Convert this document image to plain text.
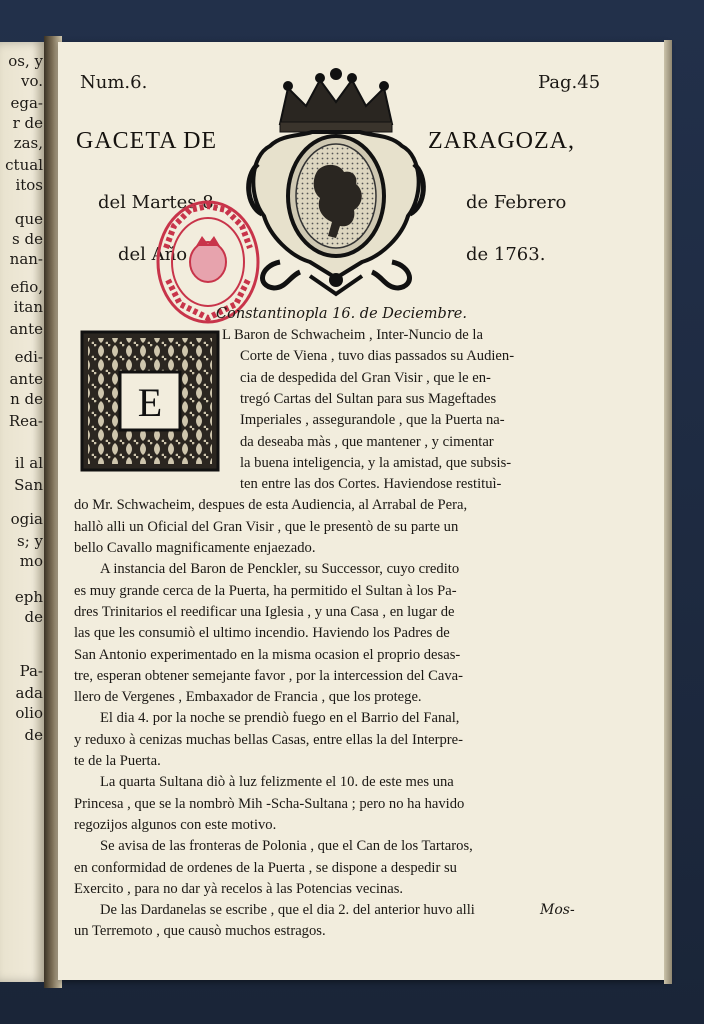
os, y
vo.
ega-
r de
zas,
ctual
itos
que
s de
nan-
efio,
itan
ante
edi-
ante
n de
Rea-
il al
San
ogia
s; y
mo
eph
de
Pa-
ada
olio
de
Num.6.	Pag.45
GACETA DE	ZARAGOZA,
del Martes 8.	de Febrero
del Año	de 1763.
Constantinopla 16. de Deciembre.
E
L Baron de Schwacheim , Inter-Nuncio de la
Corte de Viena , tuvo dias passados su Audien-
cia de despedida del Gran Visir , que le en-
tregó Cartas del Sultan para sus Mageftades
Imperiales , assegurandole , que la Puerta na-
da deseaba màs , que mantener , y cimentar
la buena inteligencia, y la amistad, que subsis-
ten entre las dos Cortes. Haviendose restituì-
do Mr. Schwacheim, despues de esta Audiencia, al Arrabal de Pera,
hallò alli un Oficial del Gran Visir , que le presentò de su parte un
bello Cavallo magnificamente enjaezado.
A instancia del Baron de Penckler, su Successor, cuyo credito
es muy grande cerca de la Puerta, ha permitido el Sultan à los Pa-
dres Trinitarios el reedificar una Iglesia , y una Casa , en lugar de
las que les consumiò el ultimo incendio. Haviendo los Padres de
San Antonio experimentado en la misma ocasion el proprio desas-
tre, esperan obtener semejante favor , por la intercession del Cava-
llero de Vergenes , Embaxador de Francia , que los protege.
El dia 4. por la noche se prendiò fuego en el Barrio del Fanal,
y reduxo à cenizas muchas bellas Casas, entre ellas la del Interpre-
te de la Puerta.
La quarta Sultana diò à luz felizmente el 10. de este mes una
Princesa , que se la nombrò Mih -Scha-Sultana ; pero no ha havido
regozijos algunos con este motivo.
Se avisa de las fronteras de Polonia , que el Can de los Tartaros,
en conformidad de ordenes de la Puerta , se dispone a despedir su
Exercito , para no dar yà recelos à las Potencias vecinas.
De las Dardanelas se escribe , que el dia 2. del anterior huvo alli
un Terremoto , que causò muchos estragos.
Mos-
